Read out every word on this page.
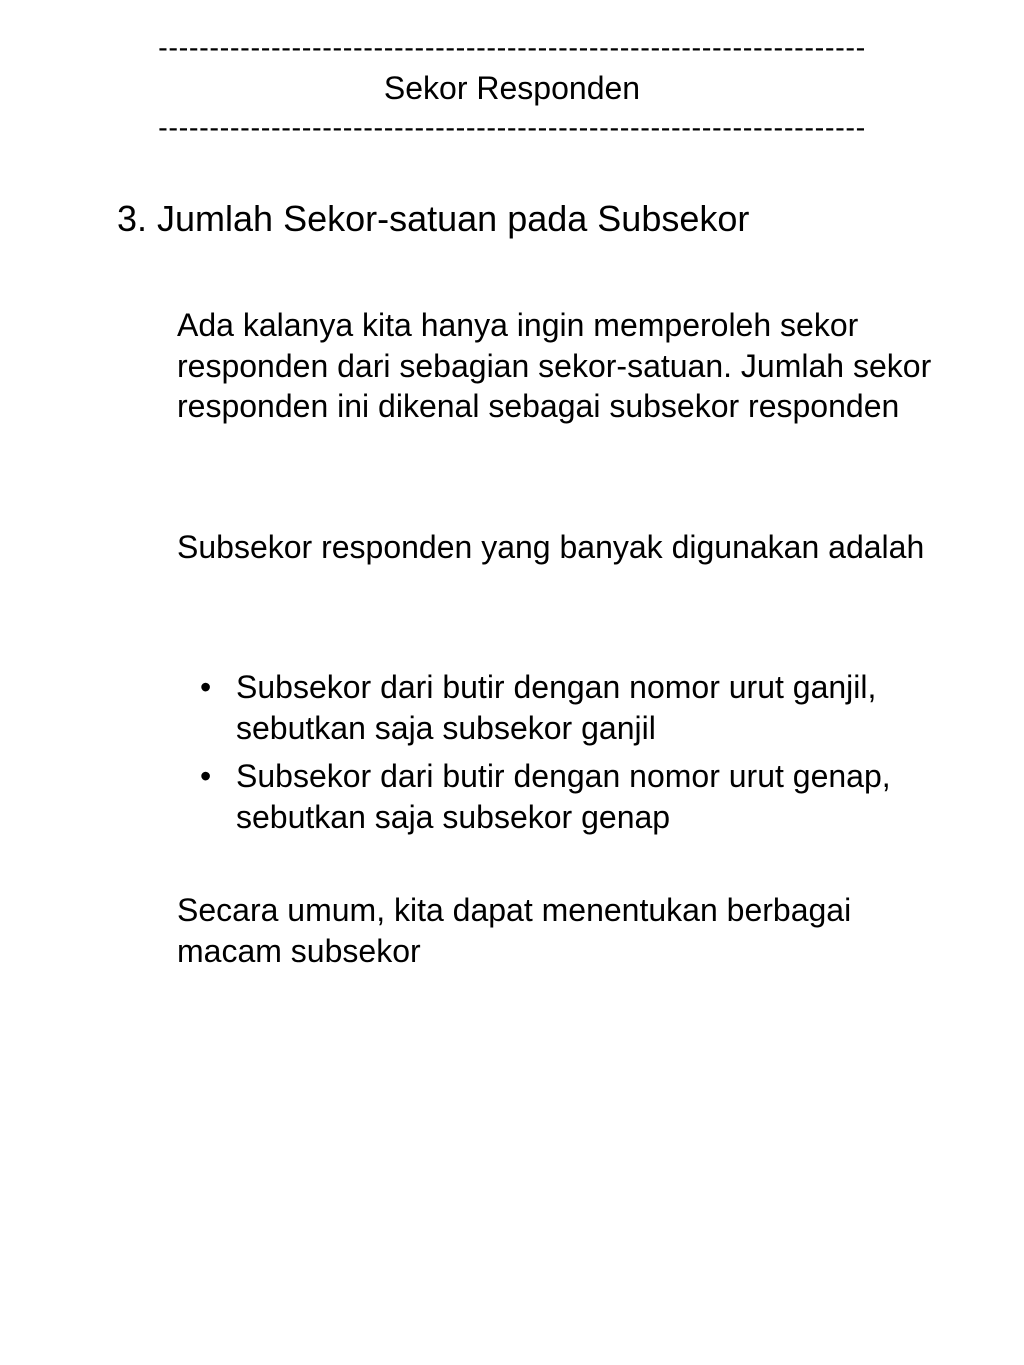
---------------------------------------------------------------------
Sekor Responden
---------------------------------------------------------------------
3. Jumlah Sekor-satuan pada Subsekor
Ada kalanya kita hanya ingin memperoleh sekor responden dari sebagian sekor-satuan. Jumlah sekor responden ini dikenal sebagai subsekor responden
Subsekor responden yang banyak digunakan adalah
• Subsekor dari butir dengan nomor urut ganjil, sebutkan saja subsekor ganjil
• Subsekor dari butir dengan nomor urut genap, sebutkan saja subsekor genap
Secara umum, kita dapat menentukan berbagai macam subsekor
